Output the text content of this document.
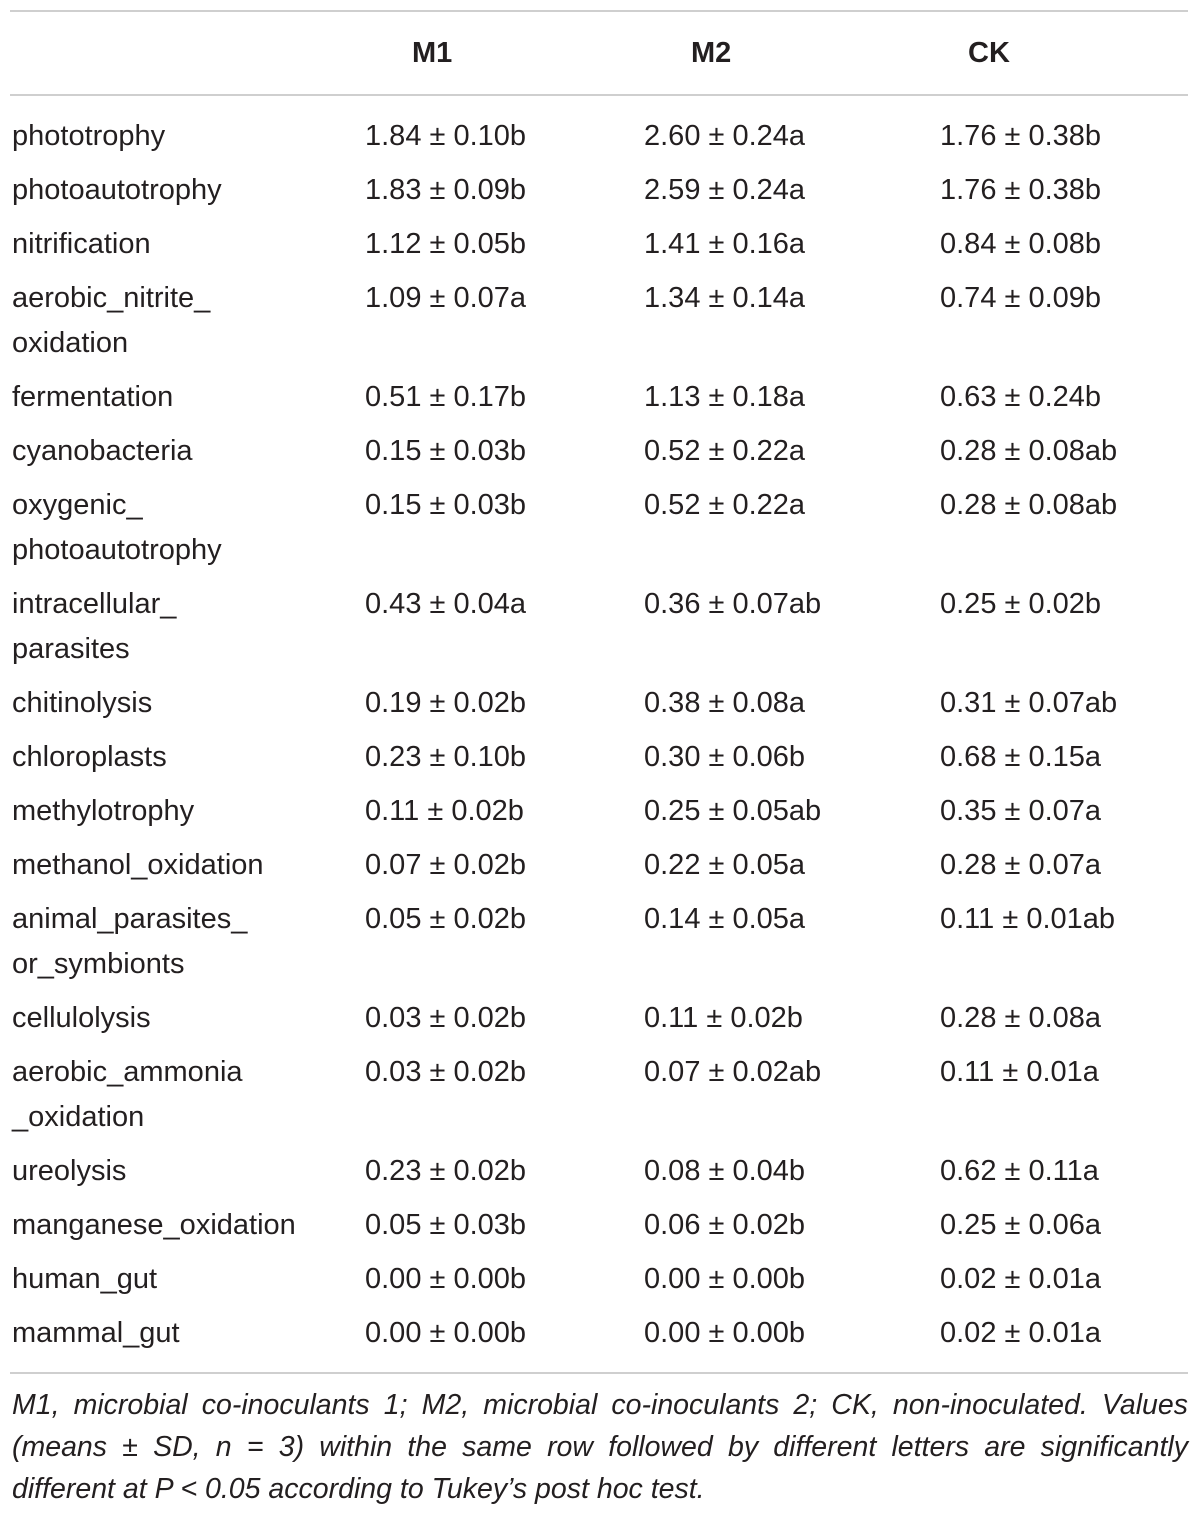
	M1	M2	CK
phototrophy	1.84 ± 0.10b	2.60 ± 0.24a	1.76 ± 0.38b
photoautotrophy	1.83 ± 0.09b	2.59 ± 0.24a	1.76 ± 0.38b
nitrification	1.12 ± 0.05b	1.41 ± 0.16a	0.84 ± 0.08b
aerobic_nitrite_
oxidation	1.09 ± 0.07a	1.34 ± 0.14a	0.74 ± 0.09b
fermentation	0.51 ± 0.17b	1.13 ± 0.18a	0.63 ± 0.24b
cyanobacteria	0.15 ± 0.03b	0.52 ± 0.22a	0.28 ± 0.08ab
oxygenic_
photoautotrophy	0.15 ± 0.03b	0.52 ± 0.22a	0.28 ± 0.08ab
intracellular_
parasites	0.43 ± 0.04a	0.36 ± 0.07ab	0.25 ± 0.02b
chitinolysis	0.19 ± 0.02b	0.38 ± 0.08a	0.31 ± 0.07ab
chloroplasts	0.23 ± 0.10b	0.30 ± 0.06b	0.68 ± 0.15a
methylotrophy	0.11 ± 0.02b	0.25 ± 0.05ab	0.35 ± 0.07a
methanol_oxidation	0.07 ± 0.02b	0.22 ± 0.05a	0.28 ± 0.07a
animal_parasites_
or_symbionts	0.05 ± 0.02b	0.14 ± 0.05a	0.11 ± 0.01ab
cellulolysis	0.03 ± 0.02b	0.11 ± 0.02b	0.28 ± 0.08a
aerobic_ammonia
_oxidation	0.03 ± 0.02b	0.07 ± 0.02ab	0.11 ± 0.01a
ureolysis	0.23 ± 0.02b	0.08 ± 0.04b	0.62 ± 0.11a
manganese_oxidation	0.05 ± 0.03b	0.06 ± 0.02b	0.25 ± 0.06a
human_gut	0.00 ± 0.00b	0.00 ± 0.00b	0.02 ± 0.01a
mammal_gut	0.00 ± 0.00b	0.00 ± 0.00b	0.02 ± 0.01a
M1, microbial co-inoculants 1; M2, microbial co-inoculants 2; CK, non-inoculated. Values (means ± SD, n = 3) within the same row followed by different letters are significantly different at P < 0.05 according to Tukey’s post hoc test.
